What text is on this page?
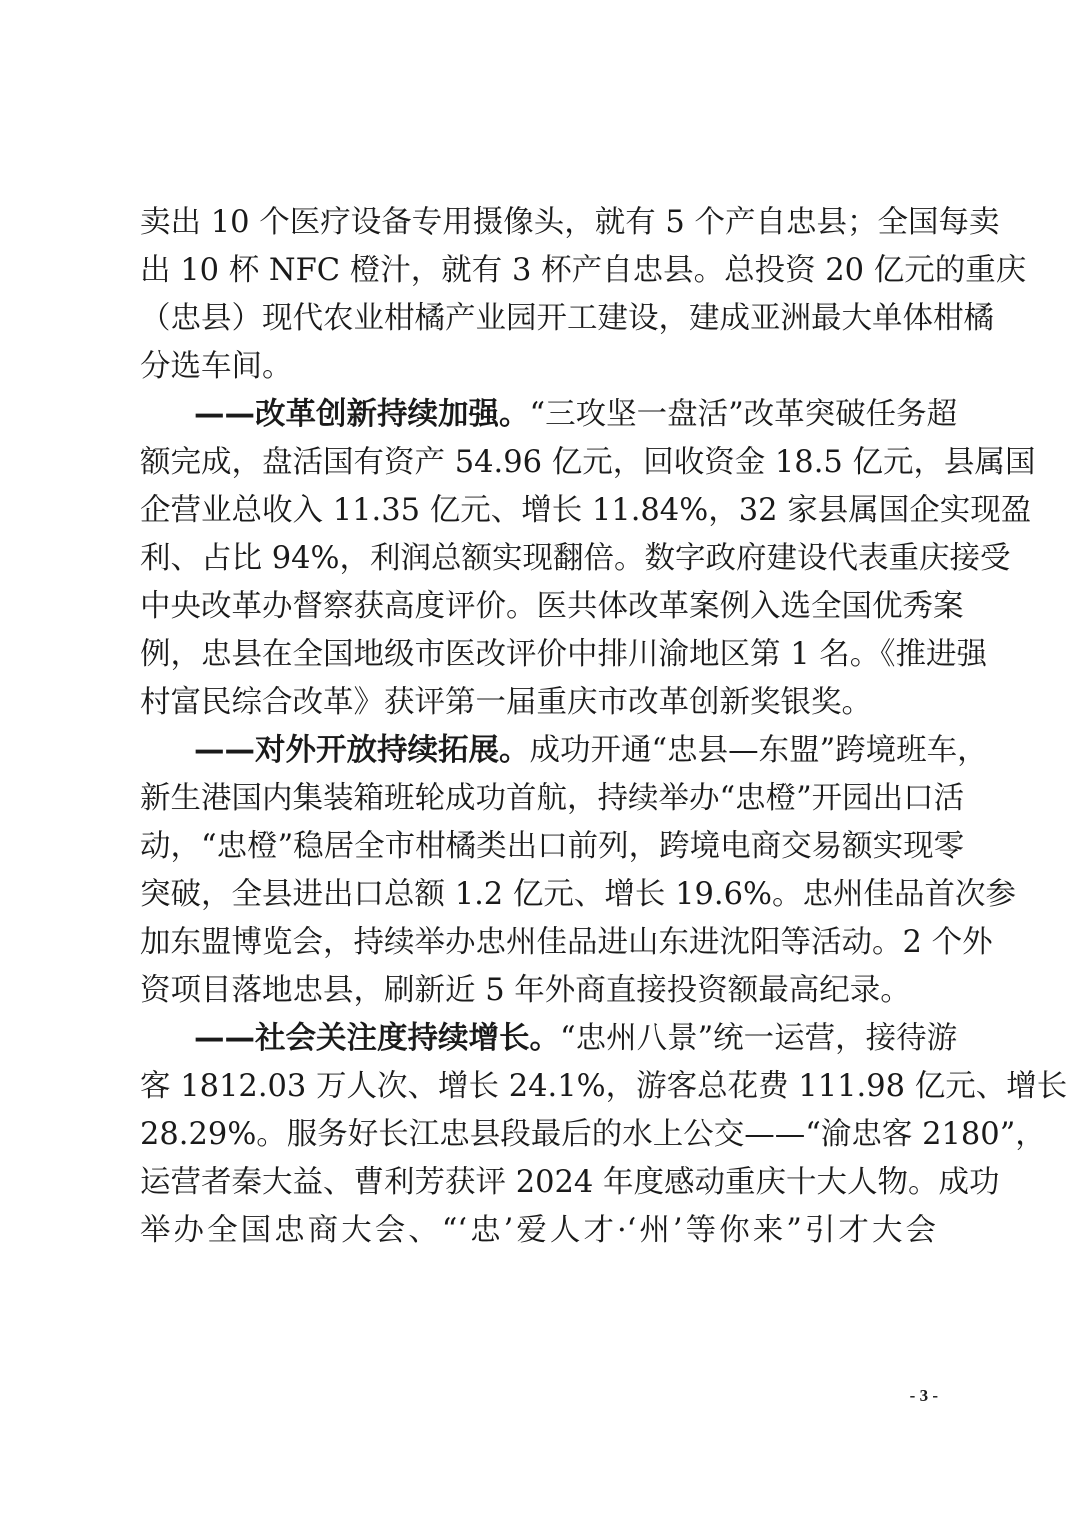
卖出 10 个医疗设备专用摄像头，就有 5 个产自忠县；全国每卖
出 10 杯 NFC 橙汁，就有 3 杯产自忠县。总投资 20 亿元的重庆
（忠县）现代农业柑橘产业园开工建设，建成亚洲最大单体柑橘
分选车间。
——改革创新持续加强。“三攻坚一盘活”改革突破任务超
额完成，盘活国有资产 54.96 亿元，回收资金 18.5 亿元，县属国
企营业总收入 11.35 亿元、增长 11.84%，32 家县属国企实现盈
利、占比 94%，利润总额实现翻倍。数字政府建设代表重庆接受
中央改革办督察获高度评价。医共体改革案例入选全国优秀案
例，忠县在全国地级市医改评价中排川渝地区第 1 名。《推进强
村富民综合改革》获评第一届重庆市改革创新奖银奖。
——对外开放持续拓展。成功开通“忠县—东盟”跨境班车，
新生港国内集装箱班轮成功首航，持续举办“忠橙”开园出口活
动，“忠橙”稳居全市柑橘类出口前列，跨境电商交易额实现零
突破，全县进出口总额 1.2 亿元、增长 19.6%。忠州佳品首次参
加东盟博览会，持续举办忠州佳品进山东进沈阳等活动。2 个外
资项目落地忠县，刷新近 5 年外商直接投资额最高纪录。
——社会关注度持续增长。“忠州八景”统一运营，接待游
客 1812.03 万人次、增长 24.1%，游客总花费 111.98 亿元、增长
28.29%。服务好长江忠县段最后的水上公交——“渝忠客 2180”，
运营者秦大益、曹利芳获评 2024 年度感动重庆十大人物。成功
举办全国忠商大会、“‘忠’爱人才·‘州’等你来”引才大会
- 3 -
